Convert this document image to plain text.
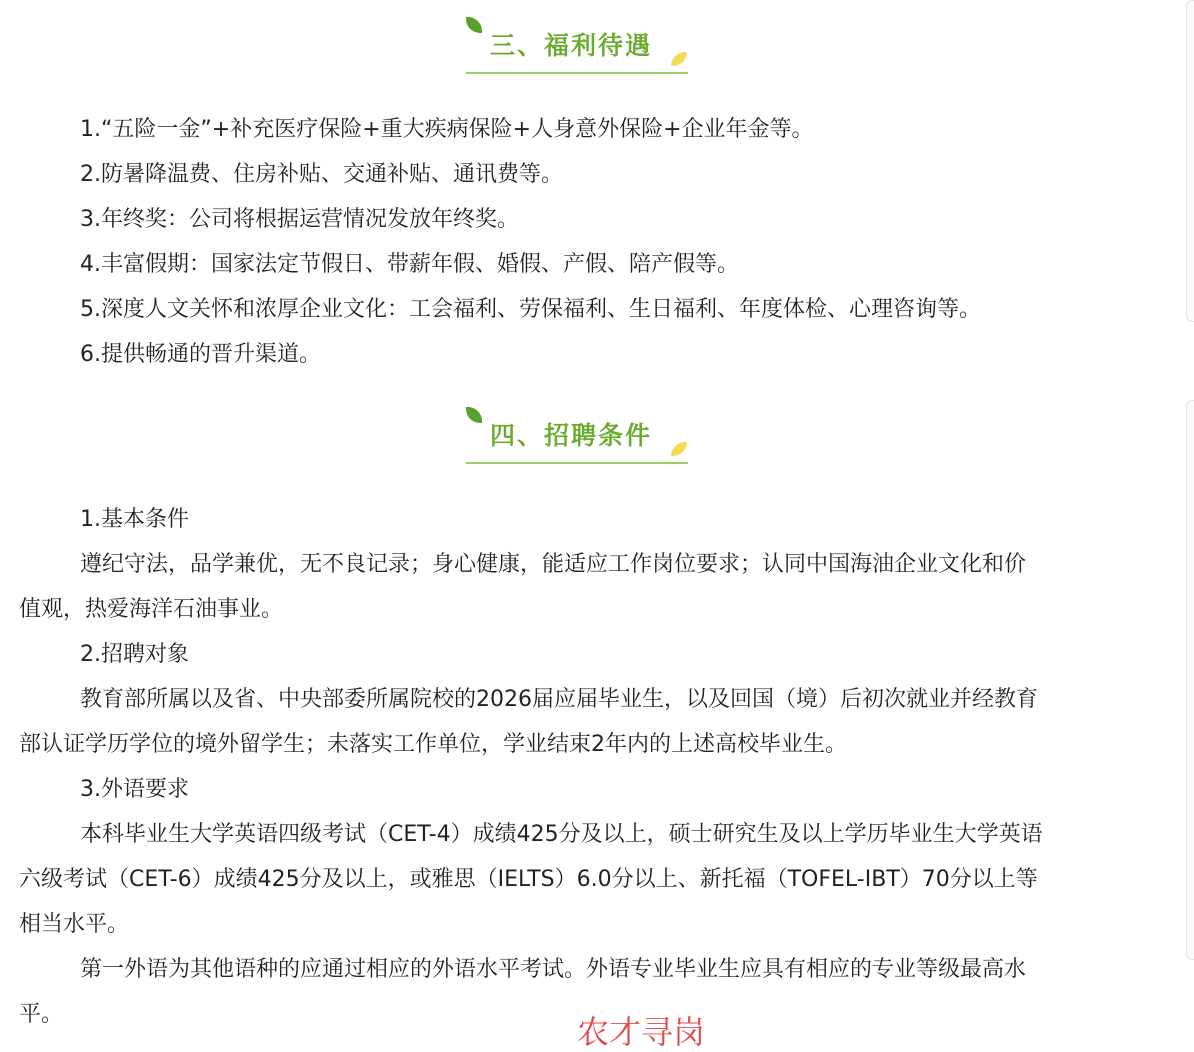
三、福利待遇
1.“五险一金”+补充医疗保险+重大疾病保险+人身意外保险+企业年金等。
2.防暑降温费、住房补贴、交通补贴、通讯费等。
3.年终奖：公司将根据运营情况发放年终奖。
4.丰富假期：国家法定节假日、带薪年假、婚假、产假、陪产假等。
5.深度人文关怀和浓厚企业文化：工会福利、劳保福利、生日福利、年度体检、心理咨询等。
6.提供畅通的晋升渠道。
四、招聘条件
1.基本条件
遵纪守法，品学兼优，无不良记录；身心健康，能适应工作岗位要求；认同中国海油企业文化和价
值观，热爱海洋石油事业。
2.招聘对象
教育部所属以及省、中央部委所属院校的2026届应届毕业生，以及回国（境）后初次就业并经教育
部认证学历学位的境外留学生；未落实工作单位，学业结束2年内的上述高校毕业生。
3.外语要求
本科毕业生大学英语四级考试（CET-4）成绩425分及以上，硕士研究生及以上学历毕业生大学英语
六级考试（CET-6）成绩425分及以上，或雅思（IELTS）6.0分以上、新托福（TOFEL-IBT）70分以上等
相当水平。
第一外语为其他语种的应通过相应的外语水平考试。外语专业毕业生应具有相应的专业等级最高水
平。	农才寻岗
